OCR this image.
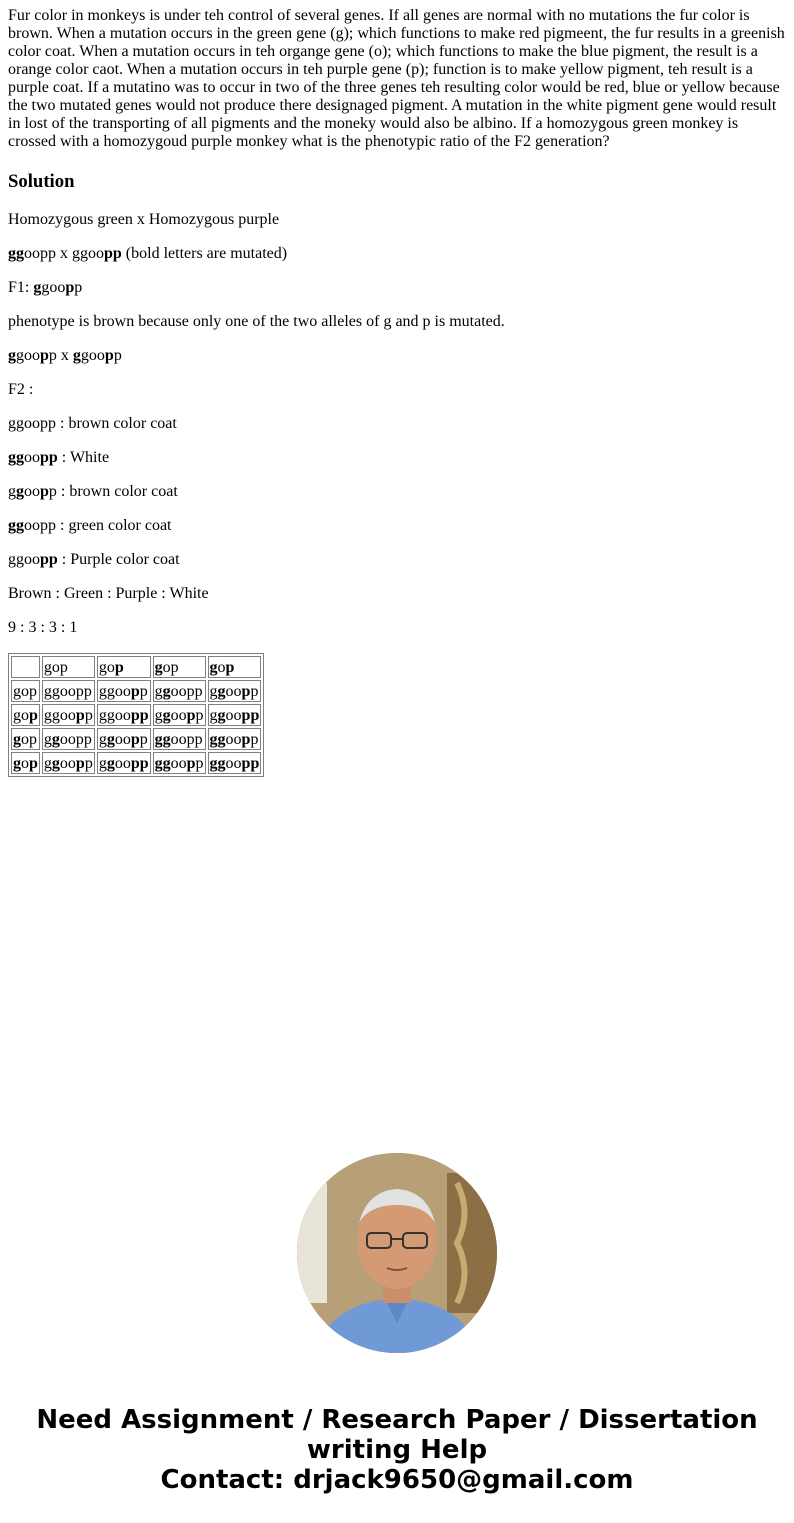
Fur color in monkeys is under teh control of several genes. If all genes are normal with no mutations the fur color is brown. When a mutation occurs in the green gene (g); which functions to make red pigmeent, the fur results in a greenish color coat. When a mutation occurs in teh organge gene (o); which functions to make the blue pigment, the result is a orange color caot. When a mutation occurs in teh purple gene (p); function is to make yellow pigment, teh result is a purple coat. If a mutatino was to occur in two of the three genes teh resulting color would be red, blue or yellow because the two mutated genes would not produce there designaged pigment. A mutation in the white pigment gene would result in lost of the transporting of all pigments and the moneky would also be albino. If a homozygous green monkey is crossed with a homozygoud purple monkey what is the phenotypic ratio of the F2 generation?

Solution

Homozygous green x Homozygous purple

ggoopp x ggoopp (bold letters are mutated)

F1: ggoopp

phenotype is brown because only one of the two alleles of g and p is mutated.

ggoopp x ggoopp

F2 :

ggoopp : brown color coat

ggoopp : White

ggoopp : brown color coat

ggoopp : green color coat

ggoopp : Purple color coat

Brown : Green : Purple : White

9 : 3 : 3 : 1

	gop	gop	gop	gop
gop	ggoopp	ggoopp	ggoopp	ggoopp
gop	ggoopp	ggoopp	ggoopp	ggoopp
gop	ggoopp	ggoopp	ggoopp	ggoopp
gop	ggoopp	ggoopp	ggoopp	ggoopp
Need Assignment / Research Paper / Dissertation
writing Help
Contact: drjack9650@gmail.com
